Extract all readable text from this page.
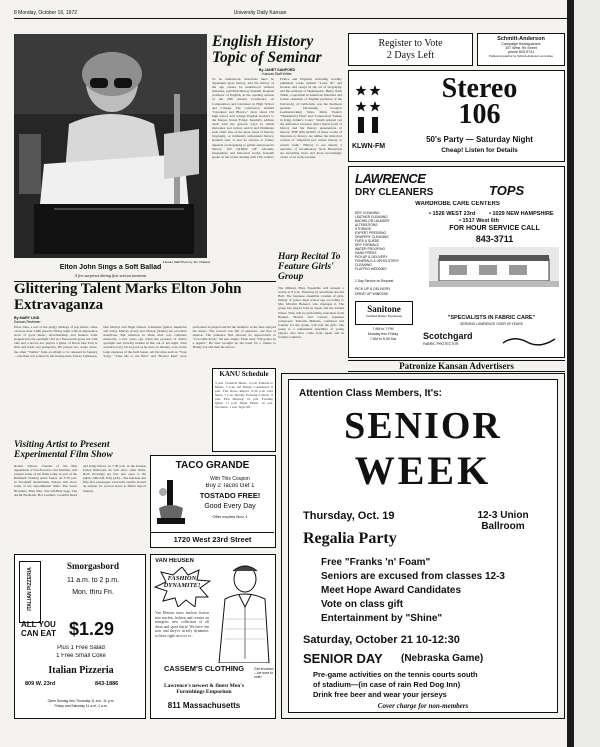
8 Monday, October 16, 1972	University Daily Kansan
Kansan Staff Photo by Jim Chaland
Elton John Sings a Soft Ballad
A few surprises during first serious moments
English History Topic of Seminar
By JANET SANFORD
Kansan Staff Writer
To be understood, historians must be dependent upon history, and the history of the age cannot be understood without literature, said Paul Murray Kendall, Regents professor of English, in the opening session of the 20th Annual Conference on Composition and Literature in High School and College. The conference, entitled "Literature and History," drew about 150 high school and college English teachers to the Kansas Union Friday. Kendall's address dealt with the general ways in which historians and writers enrich and illuminate each other. One of the great assets of literary biography, or intimately unbounded history, Kendall said, is that its success or failure depends on biography to gather and preserve history. AN OLDER OF scholarly biographies and historical works, Kendall spoke on the works dealing with 13th century France and England, including recently published works entitled "Louis XI" and lectures and essays in the art of biography, and the writings of Shakespeare. Henry Nash Smith, a specialist in American literature and former chairman of English professor at the University of California, was the luncheon speaker. Discussing Cooper's Leatherstocking Tales, Mark Twain's "Huckleberry Finn" and "Connecticut Yankee in King Arthur's Court," Smith pointed out the difference between direct literal form of history and the literary presentation of history. THE RELATION of these works of literature to history are unlike the historical context of "empirical fact versus literary or artistic truth." History is not merely a narrative of documentary facts. Historians are becoming more and more increasingly aware of art in the present.
Register to Vote
2 Days Left
Schmitt-Anderson
Campaign Headquarters
107 West 7th Street
phone 843-9741
Political ad paid for by Schmitt-Anderson committee
KLWN-FM
Stereo
106
50's Party — Saturday Night
Cheap! Listen for Details
LAWRENCE
DRY CLEANERS	TOPS
WARDROBE CARE CENTERS
DRY CLEANING
LEATHER CLEANING
BACHELOR LAUNDRY
ALTERATIONS
STORAGE
EXPERT PRESSING
DRAPERY CLEANING
FURS & SUEDE
DRY FORMALS
WATER PROOFING
HAND PRESS
PICKUP & DELIVERY
FUNERALS & UPHOLSTERY
CLEANING
FLUFFED WEDDING
• 1526 WEST 23rd	• 1029 NEW HAMPSHIRE
• 1517 West 6th
FOR HOUR SERVICE CALL
843-3711
1 Day Service on Request
PICK UP & DELIVERY
DRIVE UP WINDOW
Sanitone
Certified Master Drycleaner
7 AM to 7 PM
Monday thru Friday
7 AM to 5:30 Sat
"SPECIALISTS IN FABRIC CARE"
SERVING LAWRENCE OVER 49 YEARS
Scotchgard
FABRIC PROTECTOR
Harp Recital To Feature Girls' Group
The Mimura Harp Ensemble will present a recital at 8 p.m. Thursday in Swarthout Recital Hall. The Japanese ensemble consists of girls, mainly of junior high school age according to Mrs. Marilyn Bennett, who manages it. The group has played both in Japan and the United States. They will be performing selections from Handel, Mozart and various Japanese composers. Tsutomu Mimura, conductor and founder for the group, will join the girls. The group is a remarkable ensemble of young players who have come from Japan and in foreign countries.
Patronize Kansan Advertisers
Glittering Talent Marks Elton John Extravaganza
By MARY LIND
Kansan Reviewer
Elton John, a sort of the pudgy darlings of pop music, came on more than 3,000 persons Friday night with an impressive show of good music, showmanship, and fashion. John stepped into the spotlight clad in a fluorescent green tux with tails and a brown hat, played a guitar of Davis Dee Tom is slim and fresh and pomposity. He played two songs alone, the other "Tumbs" from an album to be released in January—and then was joined by his backup men, Davey Johnstone, Dee Murray and Nigel Olsson. Johnstone (guitar, mandolin and bass), Murray (bass) and Olsson (drums) are excellent musicians. But mention in these men was complete musically, a few years ago when the pressure of John's spotlight and virtually hidden in this out of ten night. John sounded every bit as good as he does on albums, even in the large expanses of the field house. All favorites such as "Your Song," "Take Me to the Pilot" and "Rocket Man" were performed as played and hit the audience as the fans enjoyed the music. The concert was full of surprises, one that of tension. The audience first showed its appreciation to "Crocodile Rock," his new single, Elton said, "I'm gonna be a legend." He later brought up the band for a tribute to Honky Cat and then the encore.
Visiting Artist to Present Experimental Film Show
Robert Nelson, founder of the film department at San Francisco Art Institute, will present some of his films today as part of the Hallmark Visiting Artist Series. At 3:30 p.m. in Woodruff Auditorium, Nelson will show some of his experimental films: The Great Blondino, Bleu Shut, The Off-Beat Sage, The Awful Backlash, Hot Leathers, Grateful Dead and King David. At 7:30 p.m. in the Kansas Union Ballroom, he will show other films. Both showings are free and open to the public. MILAN, Italy (AP)—The hundred and fifty-five passengers were held captive aboard an airliner for several hours at Milan airport Sunday.
KANU Schedule
3 p.m. Classical Music. 4 p.m. Prelude to Music. 5 p.m. All Things Considered. 6 p.m. The News Report. 6:30 p.m. Jazz Show. 7 p.m. Sunday Evening Concert. 9 p.m. First Hearing. 10 p.m. Evening Quiet. 11 p.m. Night Music. 12 a.m. Nocturne. 1 a.m. Sign Off.
TACO GRANDE
With This Coupon
Buy 2 Tacos Get 1
TOSTADO FREE!
Good Every Day
Offer expires Nov. 1
1720 West 23rd Street
ITALIAN PIZZERIA
Smorgasbord
11 a.m. to 2 p.m.
Mon. thru Fri.
ALL YOU CAN EAT $1.29
Plus 1 Free Salad
1 Free Small Coke
Italian Pizzeria
809 W. 23rd	843-1886
Open Sunday thru Thursday 11 a.m.-11 p.m.
Friday and Saturday 11 a.m.-1 a.m.
VAN HEUSEN
FASHION DYNAMITE!
Van Heusen turns nuclear fission into nuclear fashion and creates an energetic new collection of all dress and sport shirts! We have 'em now and they're strictly dynamite, so blast right on over to...
CASSEM'S CLOTHING
Lawrence's newest & finest Men's Furnishings Emporium
811 Massachusetts
Get involved—be sure to vote!
Attention Class Members, It's:
SENIOR
WEEK
Thursday, Oct. 19	12-3 Union Ballroom
Regalia Party
Free "Franks 'n' Foam"
Seniors are excused from classes 12-3
Meet Hope Award Candidates
Vote on class gift
Entertainment by "Shine"
Saturday, October 21 10-12:30
SENIOR DAY	(Nebraska Game)
Pre-game activities on the tennis courts south
of stadium—(in case of rain Red Dog Inn)
Drink free beer and wear your jerseys
Cover charge for non-members
